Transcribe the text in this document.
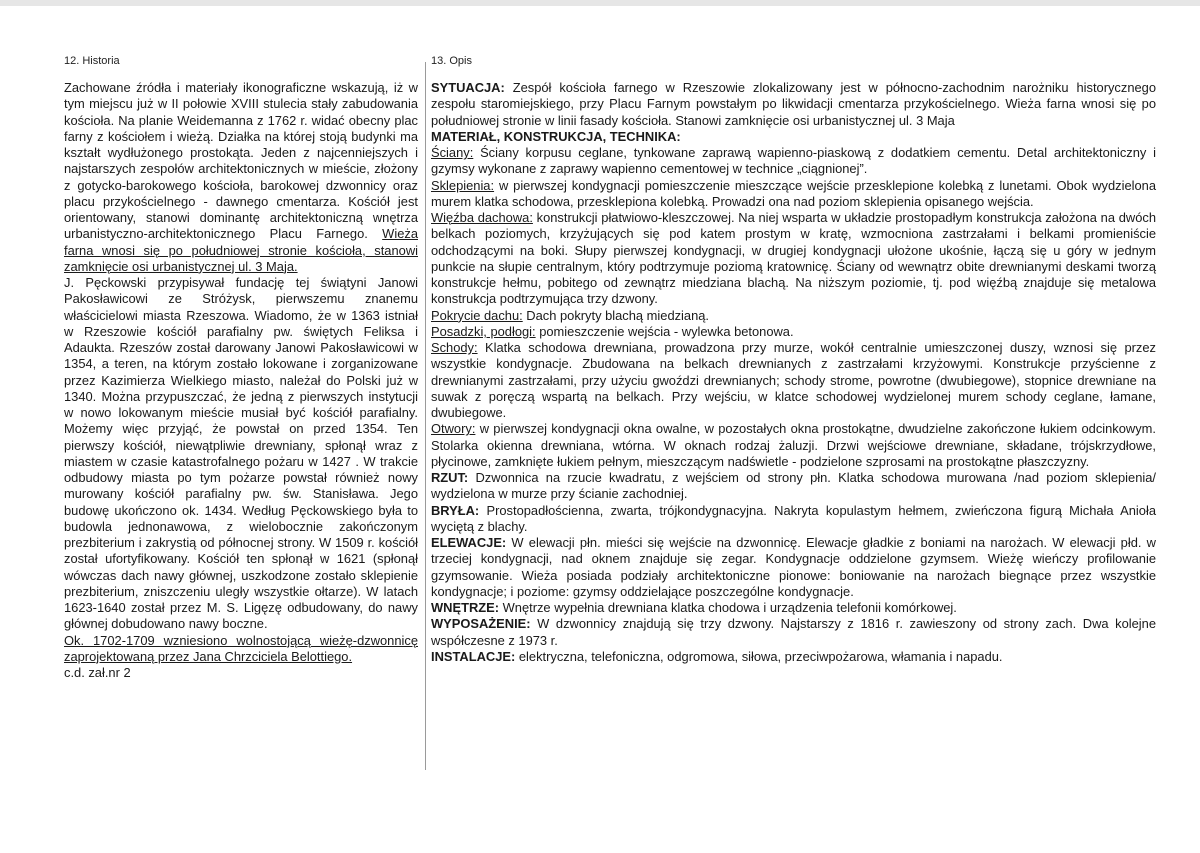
12. Historia	13. Opis
Zachowane źródła i materiały ikonograficzne wskazują, iż w tym miejscu już w II połowie XVIII stulecia stały zabudowania kościoła. Na planie Weidemanna z 1762 r. widać obecny plac farny z kościołem i wieżą. Działka na której stoją budynki ma kształt wydłużonego prostokąta. Jeden z najcenniejszych i najstarszych zespołów architektonicznych w mieście, złożony z gotycko-barokowego kościoła, barokowej dzwonnicy oraz placu przykościelnego - dawnego cmentarza. Kościół jest orientowany, stanowi dominantę architektoniczną wnętrza urbanistyczno-architektonicznego Placu Farnego. Wieża farna wnosi się po południowej stronie kościoła, stanowi zamknięcie osi urbanistycznej ul. 3 Maja.
J. Pęckowski przypisywał fundację tej świątyni Janowi Pakosławicowi ze Stróżysk, pierwszemu znanemu właścicielowi miasta Rzeszowa. Wiadomo, że w 1363 istniał w Rzeszowie kościół parafialny pw. świętych Feliksa i Adaukta. Rzeszów został darowany Janowi Pakosławicowi w 1354, a teren, na którym zostało lokowane i zorganizowane przez Kazimierza Wielkiego miasto, należał do Polski już w 1340. Można przypuszczać, że jedną z pierwszych instytucji w nowo lokowanym mieście musiał być kościół parafialny. Możemy więc przyjąć, że powstał on przed 1354. Ten pierwszy kościół, niewątpliwie drewniany, spłonął wraz z miastem w czasie katastrofalnego pożaru w 1427 . W trakcie odbudowy miasta po tym pożarze powstał również nowy murowany kościół parafialny pw. św. Stanisława. Jego budowę ukończono ok. 1434. Według Pęckowskiego była to budowla jednonawowa, z wielobocznie zakończonym prezbiterium i zakrystią od północnej strony. W 1509 r. kościół został ufortyfikowany. Kościół ten spłonął w 1621 (spłonął wówczas dach nawy głównej, uszkodzone zostało sklepienie prezbiterium, zniszczeniu uległy wszystkie ołtarze). W latach 1623-1640 został przez M. S. Ligęzę odbudowany, do nawy głównej dobudowano nawy boczne.
Ok. 1702-1709 wzniesiono wolnostojącą wieżę-dzwonnicę zaprojektowaną przez Jana Chrzciciela Belottiego.
c.d. zał.nr 2
SYTUACJA: Zespół kościoła farnego w Rzeszowie zlokalizowany jest w północno-zachodnim narożniku historycznego zespołu staromiejskiego, przy Placu Farnym powstałym po likwidacji cmentarza przykościelnego. Wieża farna wnosi się po południowej stronie w linii fasady kościoła. Stanowi zamknięcie osi urbanistycznej ul. 3 Maja
MATERIAŁ, KONSTRUKCJA, TECHNIKA:
Ściany: Ściany korpusu ceglane, tynkowane zaprawą wapienno-piaskową z dodatkiem cementu. Detal architektoniczny i gzymsy wykonane z zaprawy wapienno cementowej w technice „ciągnionej”.
Sklepienia: w pierwszej kondygnacji pomieszczenie mieszczące wejście przesklepione kolebką z lunetami. Obok wydzielona murem klatka schodowa, przesklepiona kolebką. Prowadzi ona nad poziom sklepienia opisanego wejścia.
Więźba dachowa: konstrukcji płatwiowo-kleszczowej. Na niej wsparta w układzie prostopadłym konstrukcja założona na dwóch belkach poziomych, krzyżujących się pod katem prostym w kratę, wzmocniona zastrzałami i belkami promieniście odchodzącymi na boki. Słupy pierwszej kondygnacji, w drugiej kondygnacji ułożone ukośnie, łączą się u góry w jednym punkcie na słupie centralnym, który podtrzymuje poziomą kratownicę. Ściany od wewnątrz obite drewnianymi deskami tworzą konstrukcje hełmu, pobitego od zewnątrz miedziana blachą. Na niższym poziomie, tj. pod więźbą znajduje się metalowa konstrukcja podtrzymująca trzy dzwony.
Pokrycie dachu: Dach pokryty blachą miedzianą.
Posadzki, podłogi: pomieszczenie wejścia - wylewka betonowa.
Schody: Klatka schodowa drewniana, prowadzona przy murze, wokół centralnie umieszczonej duszy, wznosi się przez wszystkie kondygnacje. Zbudowana na belkach drewnianych z zastrzałami krzyżowymi. Konstrukcje przyścienne z drewnianymi zastrzałami, przy użyciu gwoździ drewnianych; schody strome, powrotne (dwubiegowe), stopnice drewniane na suwak z poręczą wspartą na belkach. Przy wejściu, w klatce schodowej wydzielonej murem schody ceglane, łamane, dwubiegowe.
Otwory: w pierwszej kondygnacji okna owalne, w pozostałych okna prostokątne, dwudzielne zakończone łukiem odcinkowym. Stolarka okienna drewniana, wtórna. W oknach rodzaj żaluzji. Drzwi wejściowe drewniane, składane, trójskrzydłowe, płycinowe, zamknięte łukiem pełnym, mieszczącym nadświetle - podzielone szprosami na prostokątne płaszczyzny.
RZUT: Dzwonnica na rzucie kwadratu, z wejściem od strony płn. Klatka schodowa murowana /nad poziom sklepienia/ wydzielona w murze przy ścianie zachodniej.
BRYŁA: Prostopadłościenna, zwarta, trójkondygnacyjna. Nakryta kopulastym hełmem, zwieńczona figurą Michała Anioła wyciętą z blachy.
ELEWACJE: W elewacji płn. mieści się wejście na dzwonnicę. Elewacje gładkie z boniami na narożach. W elewacji płd. w trzeciej kondygnacji, nad oknem znajduje się zegar. Kondygnacje oddzielone gzymsem. Wieżę wieńczy profilowanie gzymsowanie. Wieża posiada podziały architektoniczne pionowe: boniowanie na narożach biegnące przez wszystkie kondygnacje; i poziome: gzymsy oddzielające poszczególne kondygnacje.
WNĘTRZE: Wnętrze wypełnia drewniana klatka chodowa i urządzenia telefonii komórkowej.
WYPOSAŻENIE: W dzwonnicy znajdują się trzy dzwony. Najstarszy z 1816 r. zawieszony od strony zach. Dwa kolejne współczesne z 1973 r.
INSTALACJE: elektryczna, telefoniczna, odgromowa, siłowa, przeciwpożarowa, włamania i napadu.
